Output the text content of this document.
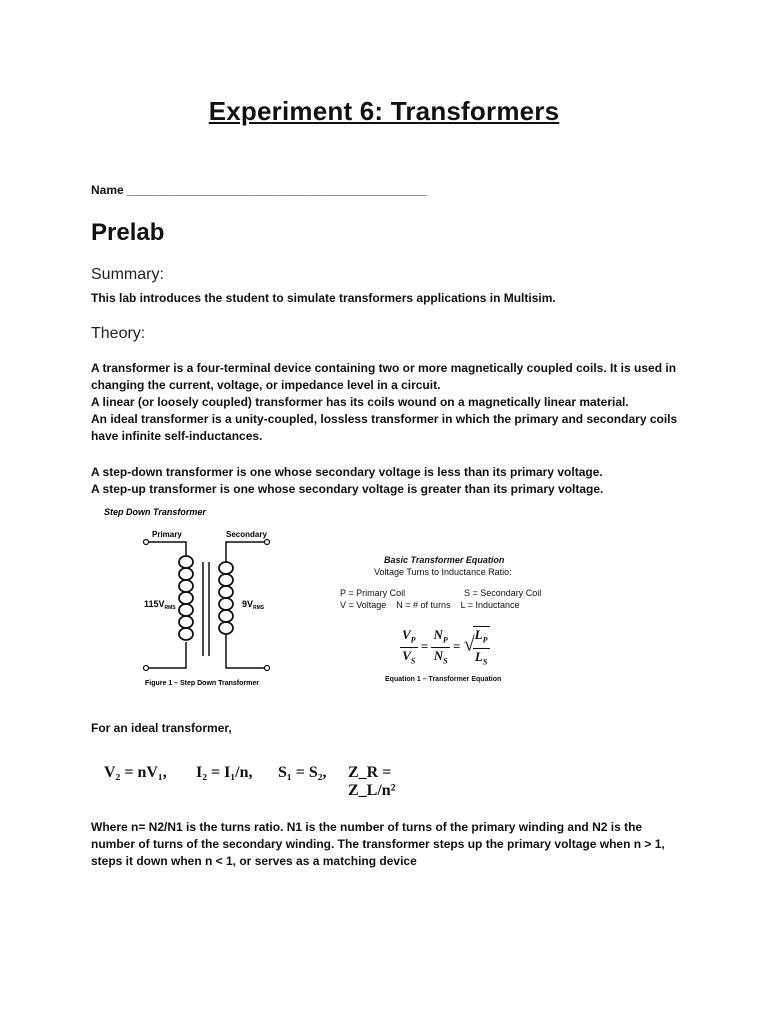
Experiment 6: Transformers
Name _____________________________________________
Prelab
Summary:
This lab introduces the student to simulate transformers applications in Multisim.
Theory:
A transformer is a four-terminal device containing two or more magnetically coupled coils. It is used in
changing the current, voltage, or impedance level in a circuit.
A linear (or loosely coupled) transformer has its coils wound on a magnetically linear material.
An ideal transformer is a unity-coupled, lossless transformer in which the primary and secondary coils
have infinite self-inductances.
A step-down transformer is one whose secondary voltage is less than its primary voltage.
A step-up transformer is one whose secondary voltage is greater than its primary voltage.
Step Down Transformer
Primary	Secondary
$115V_{RMS}$	$9V_{RMS}$
Figure 1 – Step Down Transformer
Basic Transformer Equation
Voltage Turns to Inductance Ratio:
P = Primary Coil	S = Secondary Coil
V = Voltage    N = # of turns    L = Inductance
$\frac{V_P}{V_S} = \frac{N_P}{N_S}$ = √
$\frac{L_P}{L_S}$
Equation 1 – Transformer Equation
For an ideal transformer,
V₂ = nV₁, I₂ = I₁/n, S₁ = S₂, Z_R = Z_L/n²
Where n= N2/N1 is the turns ratio. N1 is the number of turns of the primary winding and N2 is the
number of turns of the secondary winding. The transformer steps up the primary voltage when n > 1,
steps it down when n < 1, or serves as a matching device
